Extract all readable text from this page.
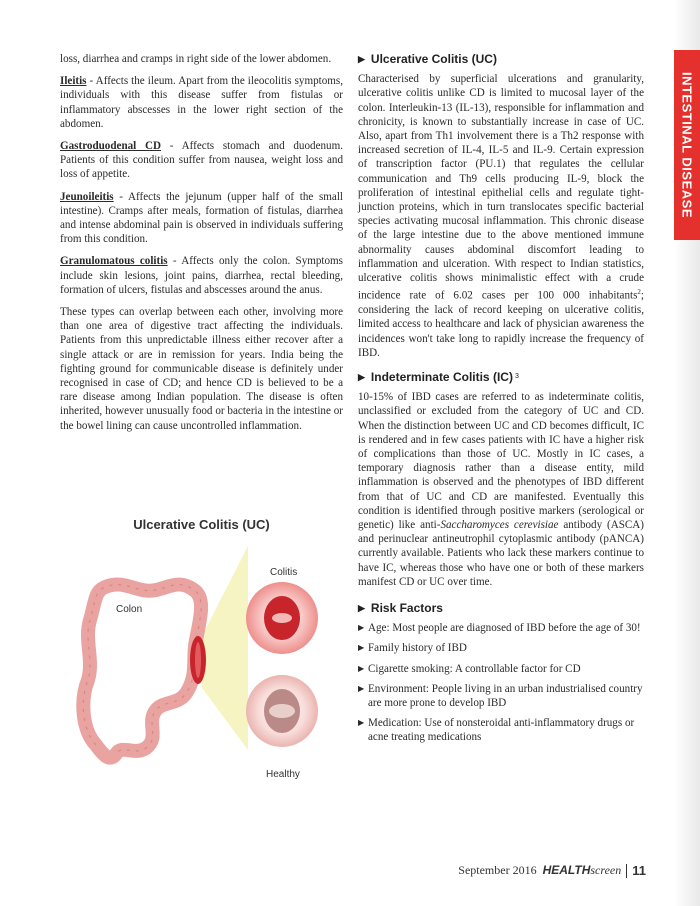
INTESTINAL DISEASE

loss, diarrhea and cramps in right side of the lower abdomen.

Ileitis - Affects the ileum. Apart from the ileocolitis symptoms, individuals with this disease suffer from fistulas or inflammatory abscesses in the lower right section of the abdomen.

Gastroduodenal CD - Affects stomach and duodenum. Patients of this condition suffer from nausea, weight loss and loss of appetite.

Jeunoileitis - Affects the jejunum (upper half of the small intestine). Cramps after meals, formation of fistulas, diarrhea and intense abdominal pain is observed in individuals suffering from this condition.

Granulomatous colitis - Affects only the colon. Symptoms include skin lesions, joint pains, diarrhea, rectal bleeding, formation of ulcers, fistulas and abscesses around the anus.

These types can overlap between each other, involving more than one area of digestive tract affecting the individuals. Patients from this unpredictable illness either recover after a single attack or are in remission for years. India being the fighting ground for communicable disease is definitely under recognised in case of CD; and hence CD is believed to be a rare disease among Indian population. The disease is often inherited, however unusually food or bacteria in the intestine or the bowel lining can cause uncontrolled inflammation.

Ulcerative Colitis (UC)
Colon
Colitis
Healthy
▶ Ulcerative Colitis (UC)

Characterised by superficial ulcerations and granularity, ulcerative colitis unlike CD is limited to mucosal layer of the colon. Interleukin-13 (IL-13), responsible for inflammation and chronicity, is known to substantially increase in case of UC. Also, apart from Th1 involvement there is a Th2 response with increased secretion of IL-4, IL-5 and IL-9. Certain expression of transcription factor (PU.1) that regulates the cellular communication and Th9 cells producing IL-9, block the proliferation of intestinal epithelial cells and regulate tight-junction proteins, which in turn translocates specific bacterial species activating mucosal inflammation. This chronic disease of the large intestine due to the above mentioned immune abnormality causes abdominal discomfort leading to inflammation and ulceration. With respect to Indian statistics, ulcerative colitis shows minimalistic effect with a crude incidence rate of 6.02 cases per 100 000 inhabitants$^2$; considering the lack of record keeping on ulcerative colitis, limited access to healthcare and lack of physician awareness the incidences won't take long to rapidly increase the frequency of IBD.

▶ Indeterminate Colitis (IC) 3

10-15% of IBD cases are referred to as indeterminate colitis, unclassified or excluded from the category of UC and CD. When the distinction between UC and CD becomes difficult, IC is rendered and in few cases patients with IC have a higher risk of complications than those of UC. Mostly in IC cases, a temporary diagnosis rather than a disease entity, mild inflammation is observed and the phenotypes of IBD different from that of UC and CD are manifested. Eventually this condition is identified through positive markers (serological or genetic) like anti-Saccharomyces cerevisiae antibody (ASCA) and perinuclear antineutrophil cytoplasmic antibody (pANCA) currently available. Patients who lack these markers continue to have IC, whereas those who have one or both of these markers manifest CD or UC over time.

▶ Risk Factors
▶ Age: Most people are diagnosed of IBD before the age of 30!
▶ Family history of IBD
▶ Cigarette smoking: A controllable factor for CD
▶ Environment: People living in an urban industrialised country are more prone to develop IBD
▶ Medication: Use of nonsteroidal anti-inflammatory drugs or acne treating medications
September 2016 HEALTHscreen 11
